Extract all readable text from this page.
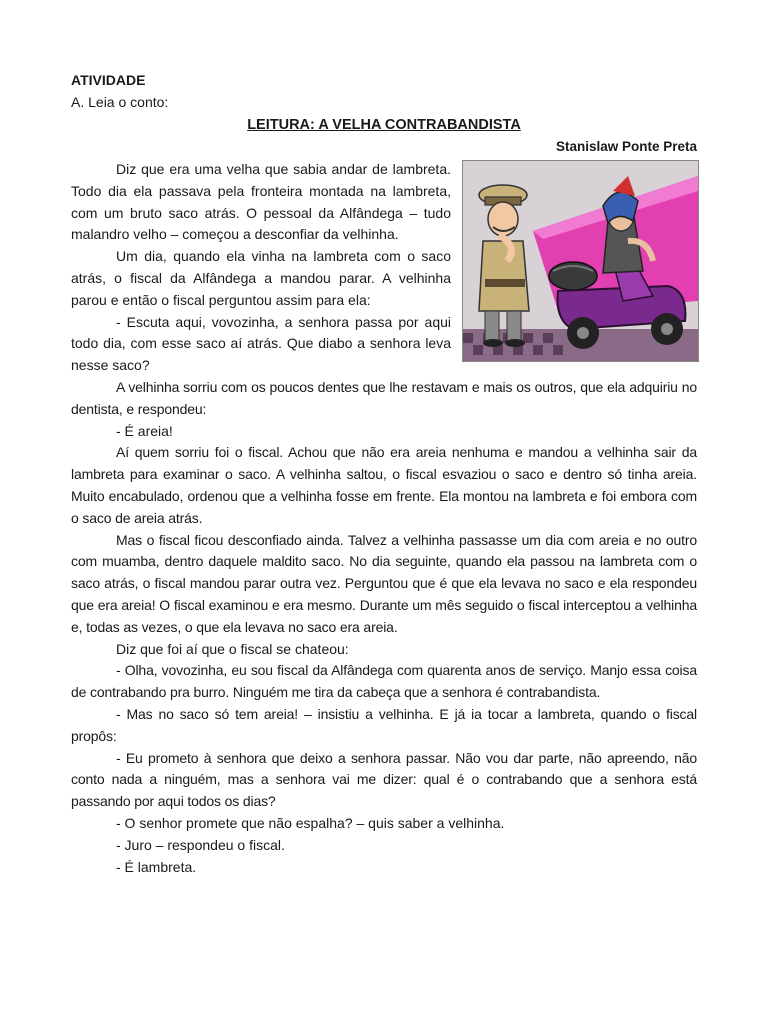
ATIVIDADE
A. Leia o conto:
LEITURA: A VELHA CONTRABANDISTA
Stanislaw Ponte Preta

Diz que era uma velha que sabia andar de lambreta. Todo dia ela passava pela fronteira montada na lambreta, com um bruto saco atrás. O pessoal da Alfândega – tudo malandro velho – começou a desconfiar da velhinha.

Um dia, quando ela vinha na lambreta com o saco atrás, o fiscal da Alfândega a mandou parar. A velhinha parou e então o fiscal perguntou assim para ela:

- Escuta aqui, vovozinha, a senhora passa por aqui todo dia, com esse saco aí atrás. Que diabo a senhora leva nesse saco?

A velhinha sorriu com os poucos dentes que lhe restavam e mais os outros, que ela adquiriu no dentista, e respondeu:

- É areia!

Aí quem sorriu foi o fiscal. Achou que não era areia nenhuma e mandou a velhinha sair da lambreta para examinar o saco. A velhinha saltou, o fiscal esvaziou o saco e dentro só tinha areia. Muito encabulado, ordenou que a velhinha fosse em frente. Ela montou na lambreta e foi embora com o saco de areia atrás.

Mas o fiscal ficou desconfiado ainda. Talvez a velhinha passasse um dia com areia e no outro com muamba, dentro daquele maldito saco. No dia seguinte, quando ela passou na lambreta com o saco atrás, o fiscal mandou parar outra vez. Perguntou que é que ela levava no saco e ela respondeu que era areia! O fiscal examinou e era mesmo. Durante um mês seguido o fiscal interceptou a velhinha e, todas as vezes, o que ela levava no saco era areia.

Diz que foi aí que o fiscal se chateou:

- Olha, vovozinha, eu sou fiscal da Alfândega com quarenta anos de serviço. Manjo essa coisa de contrabando pra burro. Ninguém me tira da cabeça que a senhora é contrabandista.

- Mas no saco só tem areia! – insistiu a velhinha. E já ia tocar a lambreta, quando o fiscal propôs:

- Eu prometo à senhora que deixo a senhora passar. Não vou dar parte, não apreendo, não conto nada a ninguém, mas a senhora vai me dizer: qual é o contrabando que a senhora está passando por aqui todos os dias?

- O senhor promete que não espalha? – quis saber a velhinha.

- Juro – respondeu o fiscal.

- É lambreta.
